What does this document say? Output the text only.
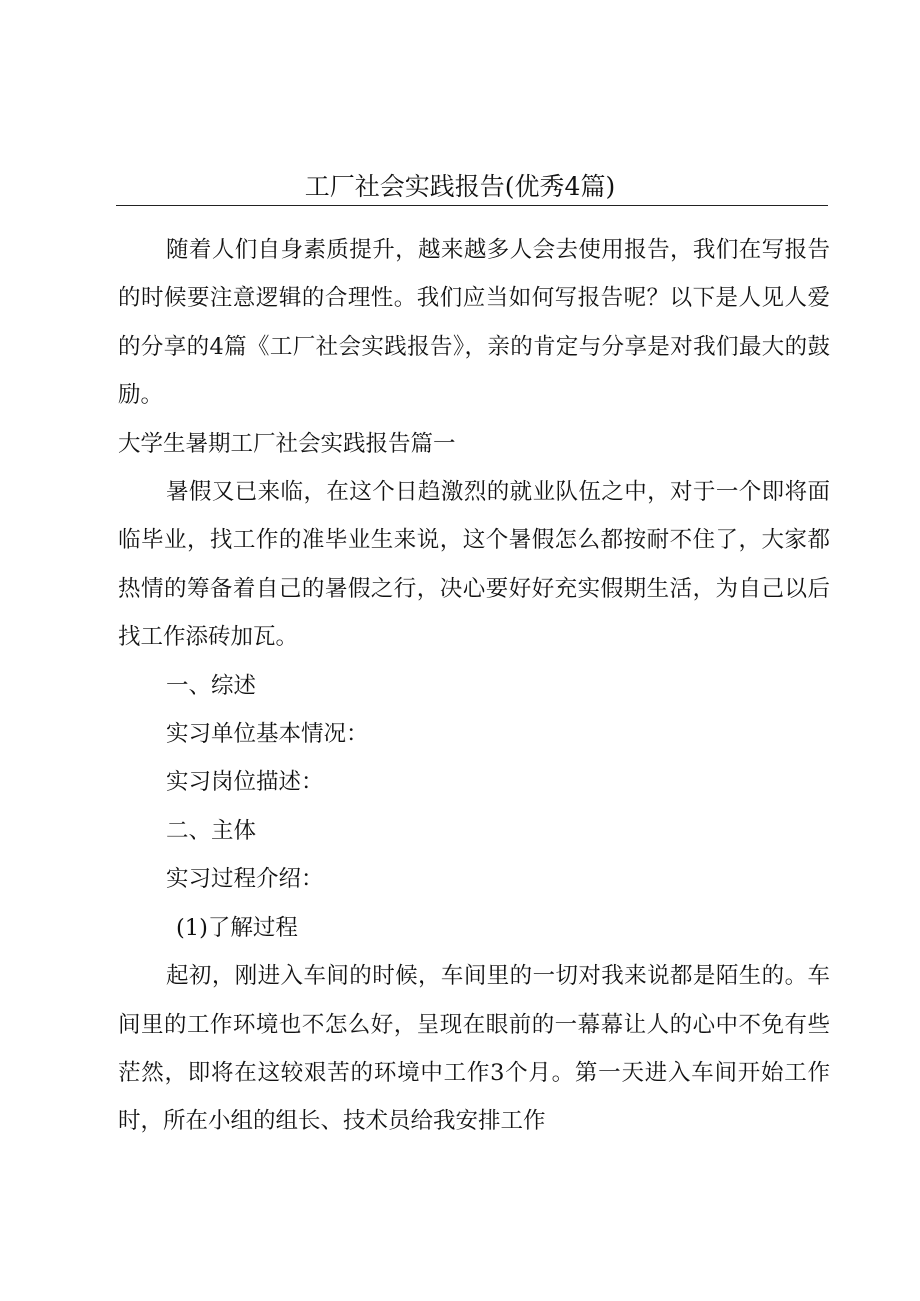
工厂社会实践报告(优秀4篇)

随着人们自身素质提升，越来越多人会去使用报告，我们在写报告的时候要注意逻辑的合理性。我们应当如何写报告呢？以下是人见人爱的分享的4篇《工厂社会实践报告》，亲的肯定与分享是对我们最大的鼓励。

大学生暑期工厂社会实践报告篇一

暑假又已来临，在这个日趋激烈的就业队伍之中，对于一个即将面临毕业，找工作的准毕业生来说，这个暑假怎么都按耐不住了，大家都热情的筹备着自己的暑假之行，决心要好好充实假期生活，为自己以后找工作添砖加瓦。

一、综述

实习单位基本情况：

实习岗位描述：

二、主体

实习过程介绍：

(1)了解过程

起初，刚进入车间的时候，车间里的一切对我来说都是陌生的。车间里的工作环境也不怎么好，呈现在眼前的一幕幕让人的心中不免有些茫然，即将在这较艰苦的环境中工作3个月。第一天进入车间开始工作时，所在小组的组长、技术员给我安排工作
